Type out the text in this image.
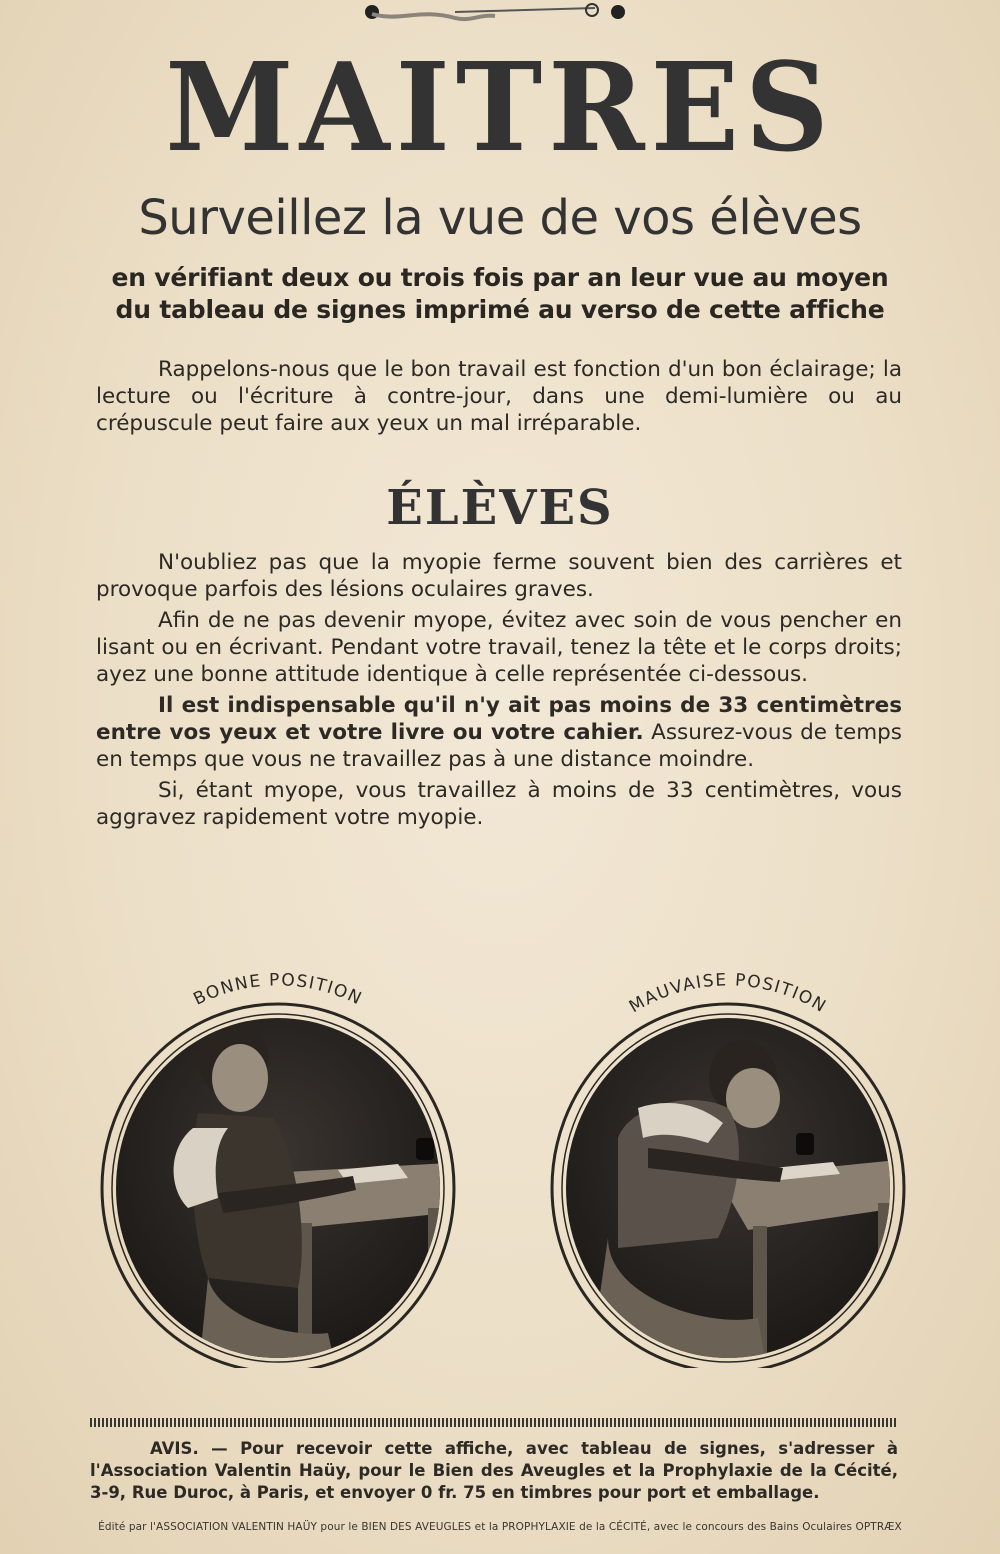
MAITRES
Surveillez la vue de vos élèves
en vérifiant deux ou trois fois par an leur vue au moyen
du tableau de signes imprimé au verso de cette affiche

Rappelons-nous que le bon travail est fonction d'un bon éclairage; la lecture ou l'écriture à contre-jour, dans une demi-lumière ou au crépuscule peut faire aux yeux un mal irréparable.

ÉLÈVES

N'oubliez pas que la myopie ferme souvent bien des carrières et provoque parfois des lésions oculaires graves.

Afin de ne pas devenir myope, évitez avec soin de vous pencher en lisant ou en écrivant. Pendant votre travail, tenez la tête et le corps droits; ayez une bonne attitude identique à celle représentée ci-dessous.

Il est indispensable qu'il n'y ait pas moins de 33 centimètres entre vos yeux et votre livre ou votre cahier. Assurez-vous de temps en temps que vous ne travaillez pas à une distance moindre.

Si, étant myope, vous travaillez à moins de 33 centimètres, vous aggravez rapidement votre myopie.

BONNE POSITION	MAUVAISE POSITION

AVIS. — Pour recevoir cette affiche, avec tableau de signes, s'adresser à l'Association Valentin Haüy, pour le Bien des Aveugles et la Prophylaxie de la Cécité, 3-9, Rue Duroc, à Paris, et envoyer 0 fr. 75 en timbres pour port et emballage.

Édité par l'ASSOCIATION VALENTIN HAÜY pour le BIEN DES AVEUGLES et la PROPHYLAXIE de la CÉCITÉ, avec le concours des Bains Oculaires OPTRÆX
